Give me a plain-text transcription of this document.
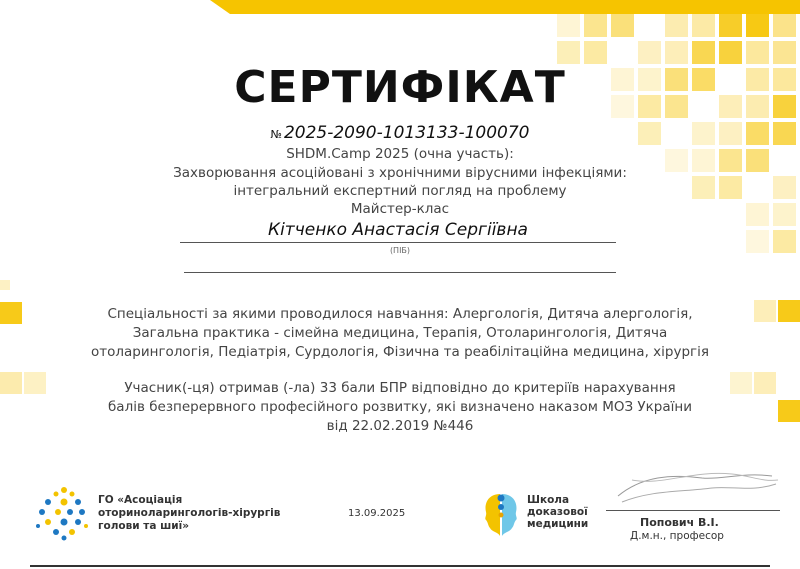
СЕРТИФІКАТ
№ 2025-2090-1013133-100070
SHDM.Camp 2025 (очна участь):
Захворювання асоційовані з хронічними вірусними інфекціями:
інтегральний експертний погляд на проблему
Майстер-клас
Кітченко Анастасія Сергіївна
(ПІБ)
Спеціальності за якими проводилося навчання: Алергологія, Дитяча алергологія,
Загальна практика - сімейна медицина, Терапія, Отоларингологія, Дитяча
отоларингологія, Педіатрія, Сурдологія, Фізична та реабілітаційна медицина, хірургія
Учасник(-ця) отримав (-ла) 33 бали БПР відповідно до критеріїв нарахування
балів безперервного професійного розвитку, які визначено наказом МОЗ України
від 22.02.2019 №446
ГО «Асоціація
оториноларингологів-хірургів
голови та шиї»
13.09.2025
Школа
доказової
медицини	Попович В.І.
Д.м.н., професор
